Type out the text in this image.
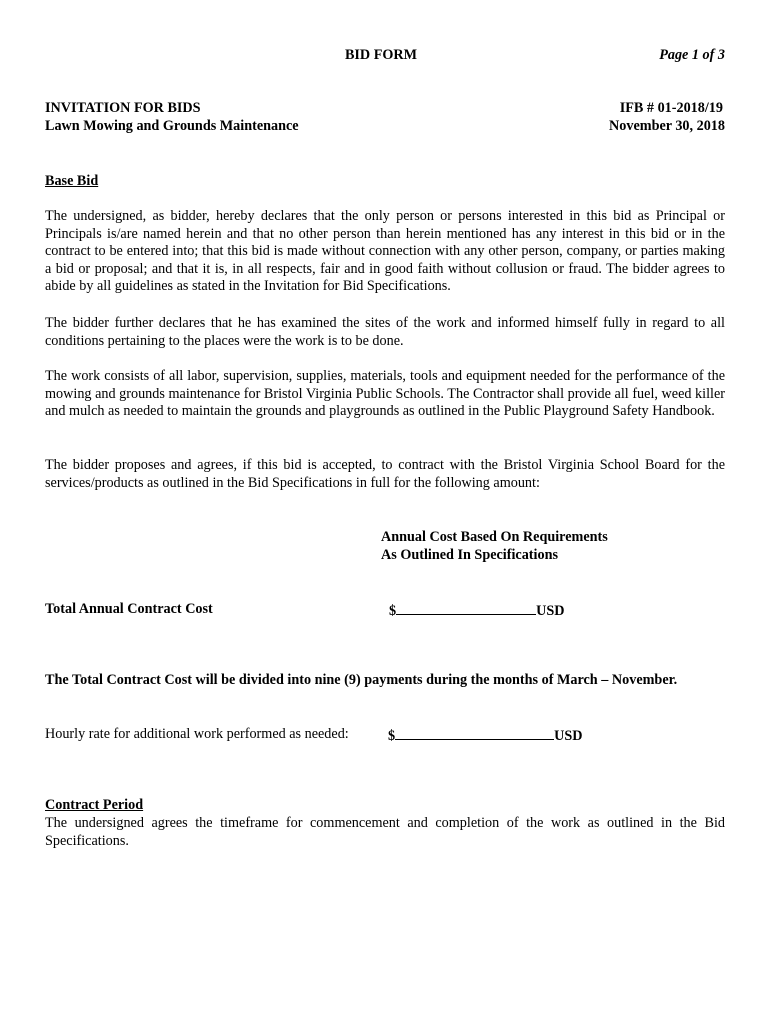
BID FORM	Page 1 of 3
INVITATION FOR BIDS
Lawn Mowing and Grounds Maintenance
IFB # 01-2018/19
November 30, 2018
Base Bid
The undersigned, as bidder, hereby declares that the only person or persons interested in this bid as Principal or Principals is/are named herein and that no other person than herein mentioned has any interest in this bid or in the contract to be entered into; that this bid is made without connection with any other person, company, or parties making a bid or proposal; and that it is, in all respects, fair and in good faith without collusion or fraud. The bidder agrees to abide by all guidelines as stated in the Invitation for Bid Specifications.
The bidder further declares that he has examined the sites of the work and informed himself fully in regard to all conditions pertaining to the places were the work is to be done.
The work consists of all labor, supervision, supplies, materials, tools and equipment needed for the performance of the mowing and grounds maintenance for Bristol Virginia Public Schools. The Contractor shall provide all fuel, weed killer and mulch as needed to maintain the grounds and playgrounds as outlined in the Public Playground Safety Handbook.
The bidder proposes and agrees, if this bid is accepted, to contract with the Bristol Virginia School Board for the services/products as outlined in the Bid Specifications in full for the following amount:
Annual Cost Based On Requirements
As Outlined In Specifications
Total Annual Contract Cost	$	USD
The Total Contract Cost will be divided into nine (9) payments during the months of March – November.
Hourly rate for additional work performed as needed:	$	USD
Contract Period
The undersigned agrees the timeframe for commencement and completion of the work as outlined in the Bid Specifications.
